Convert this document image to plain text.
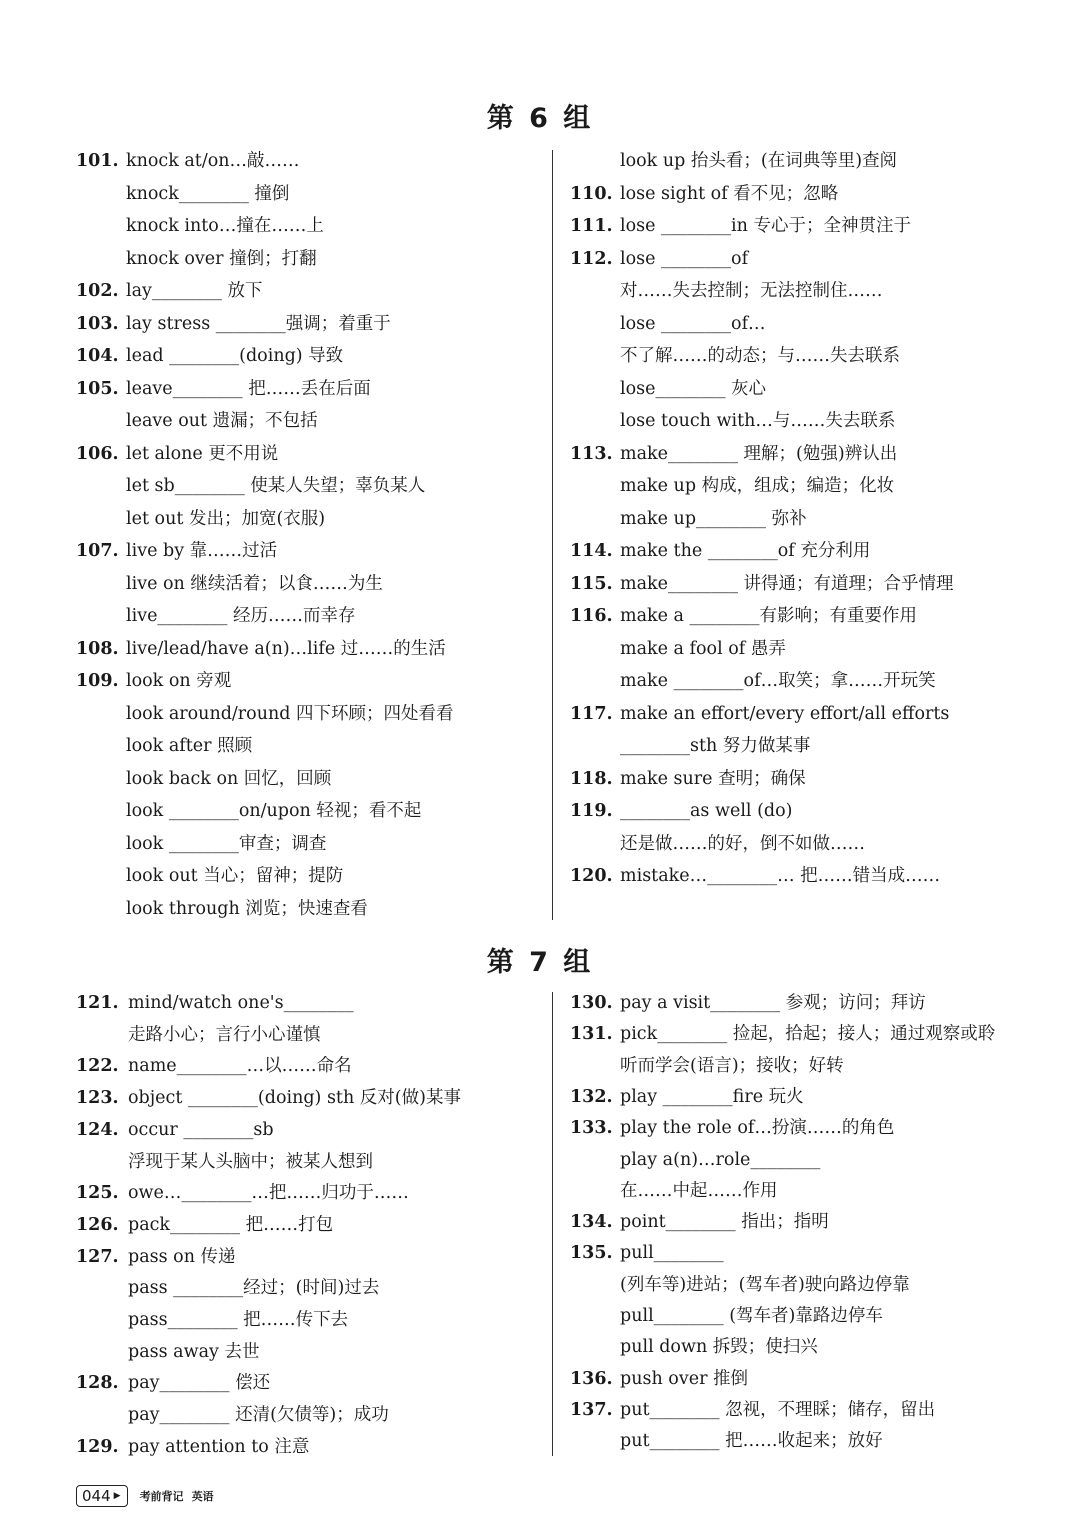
第 6 组
101. knock at/on…敲……
knock________ 撞倒
knock into…撞在……上
knock over 撞倒；打翻
102. lay________ 放下
103. lay stress ________强调；着重于
104. lead ________(doing) 导致
105. leave________ 把……丢在后面
leave out 遗漏；不包括
106. let alone 更不用说
let sb________ 使某人失望；辜负某人
let out 发出；加宽(衣服)
107. live by 靠……过活
live on 继续活着；以食……为生
live________ 经历……而幸存
108. live/lead/have a(n)…life 过……的生活
109. look on 旁观
look around/round 四下环顾；四处看看
look after 照顾
look back on 回忆，回顾
look ________on/upon 轻视；看不起
look ________审查；调查
look out 当心；留神；提防
look through 浏览；快速查看
look up 抬头看；(在词典等里)查阅
110. lose sight of 看不见；忽略
111. lose ________in 专心于；全神贯注于
112. lose ________of
对……失去控制；无法控制住……
lose ________of…
不了解……的动态；与……失去联系
lose________ 灰心
lose touch with…与……失去联系
113. make________ 理解；(勉强)辨认出
make up 构成，组成；编造；化妆
make up________ 弥补
114. make the ________of 充分利用
115. make________ 讲得通；有道理；合乎情理
116. make a ________有影响；有重要作用
make a fool of 愚弄
make ________of…取笑；拿……开玩笑
117. make an effort/every effort/all efforts
________sth 努力做某事
118. make sure 查明；确保
119. ________as well (do)
还是做……的好，倒不如做……
120. mistake…________… 把……错当成……
第 7 组
121. mind/watch one's________
走路小心；言行小心谨慎
122. name________…以……命名
123. object ________(doing) sth 反对(做)某事
124. occur ________sb
浮现于某人头脑中；被某人想到
125. owe…________…把……归功于……
126. pack________ 把……打包
127. pass on 传递
pass ________经过；(时间)过去
pass________ 把……传下去
pass away 去世
128. pay________ 偿还
pay________ 还清(欠债等)；成功
129. pay attention to 注意
130. pay a visit________ 参观；访问；拜访
131. pick________ 捡起，拾起；接人；通过观察或聆
听而学会(语言)；接收；好转
132. play ________fire 玩火
133. play the role of…扮演……的角色
play a(n)…role________
在……中起……作用
134. point________ 指出；指明
135. pull________
(列车等)进站；(驾车者)驶向路边停靠
pull________ (驾车者)靠路边停车
pull down 拆毁；使扫兴
136. push over 推倒
137. put________ 忽视，不理睬；储存，留出
put________ 把……收起来；放好
044 ▶ 考前背记 英语
